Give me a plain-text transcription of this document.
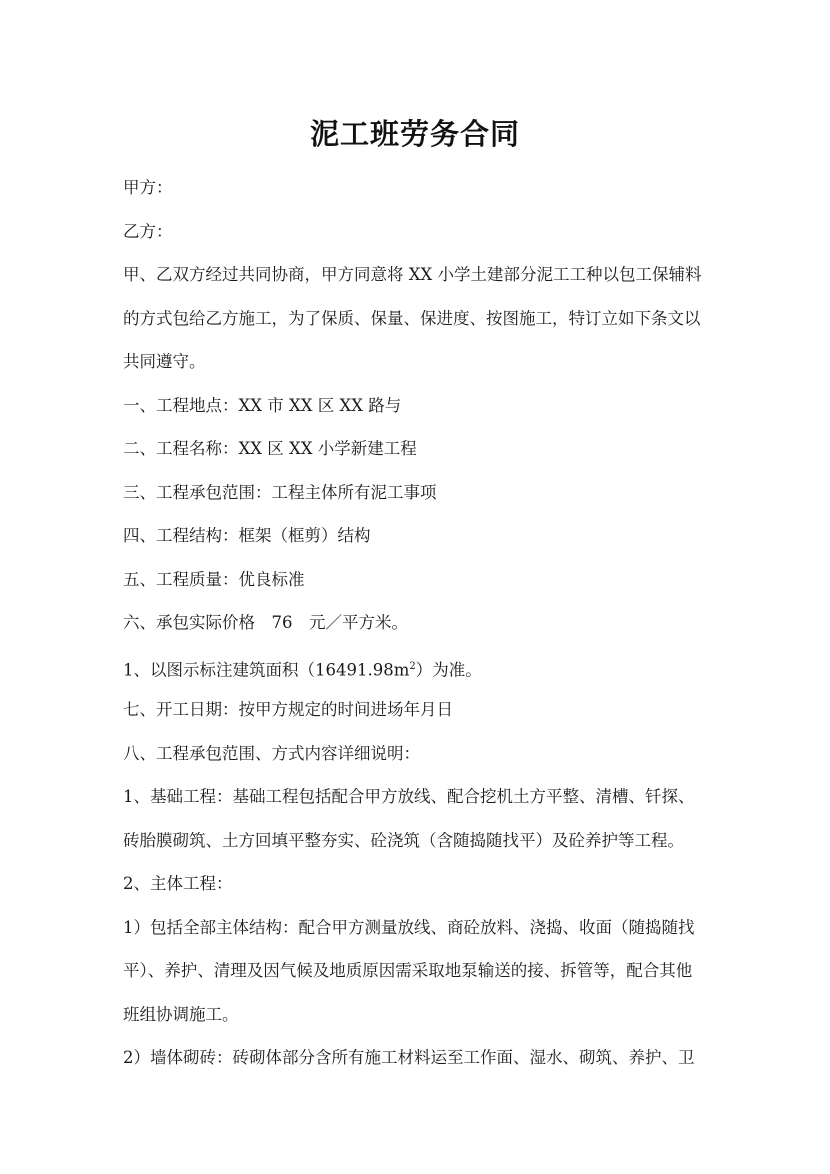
泥工班劳务合同
甲方：
乙方：
甲、乙双方经过共同协商，甲方同意将 XX 小学土建部分泥工工种以包工保辅料
的方式包给乙方施工，为了保质、保量、保进度、按图施工，特订立如下条文以
共同遵守。
一、工程地点：XX 市 XX 区 XX 路与
二、工程名称：XX 区 XX 小学新建工程
三、工程承包范围：工程主体所有泥工事项
四、工程结构：框架（框剪）结构
五、工程质量：优良标准
六、承包实际价格　76　元／平方米。
1、以图示标注建筑面积$(16491.98m^2)$为准。
七、开工日期：按甲方规定的时间进场年月日
八、工程承包范围、方式内容详细说明：
1、基础工程：基础工程包括配合甲方放线、配合挖机土方平整、清槽、钎探、
砖胎膜砌筑、土方回填平整夯实、砼浇筑（含随捣随找平）及砼养护等工程。
2、主体工程：
1）包括全部主体结构：配合甲方测量放线、商砼放料、浇捣、收面（随捣随找
平）、养护、清理及因气候及地质原因需采取地泵输送的接、拆管等，配合其他
班组协调施工。
2）墙体砌砖：砖砌体部分含所有施工材料运至工作面、湿水、砌筑、养护、卫
